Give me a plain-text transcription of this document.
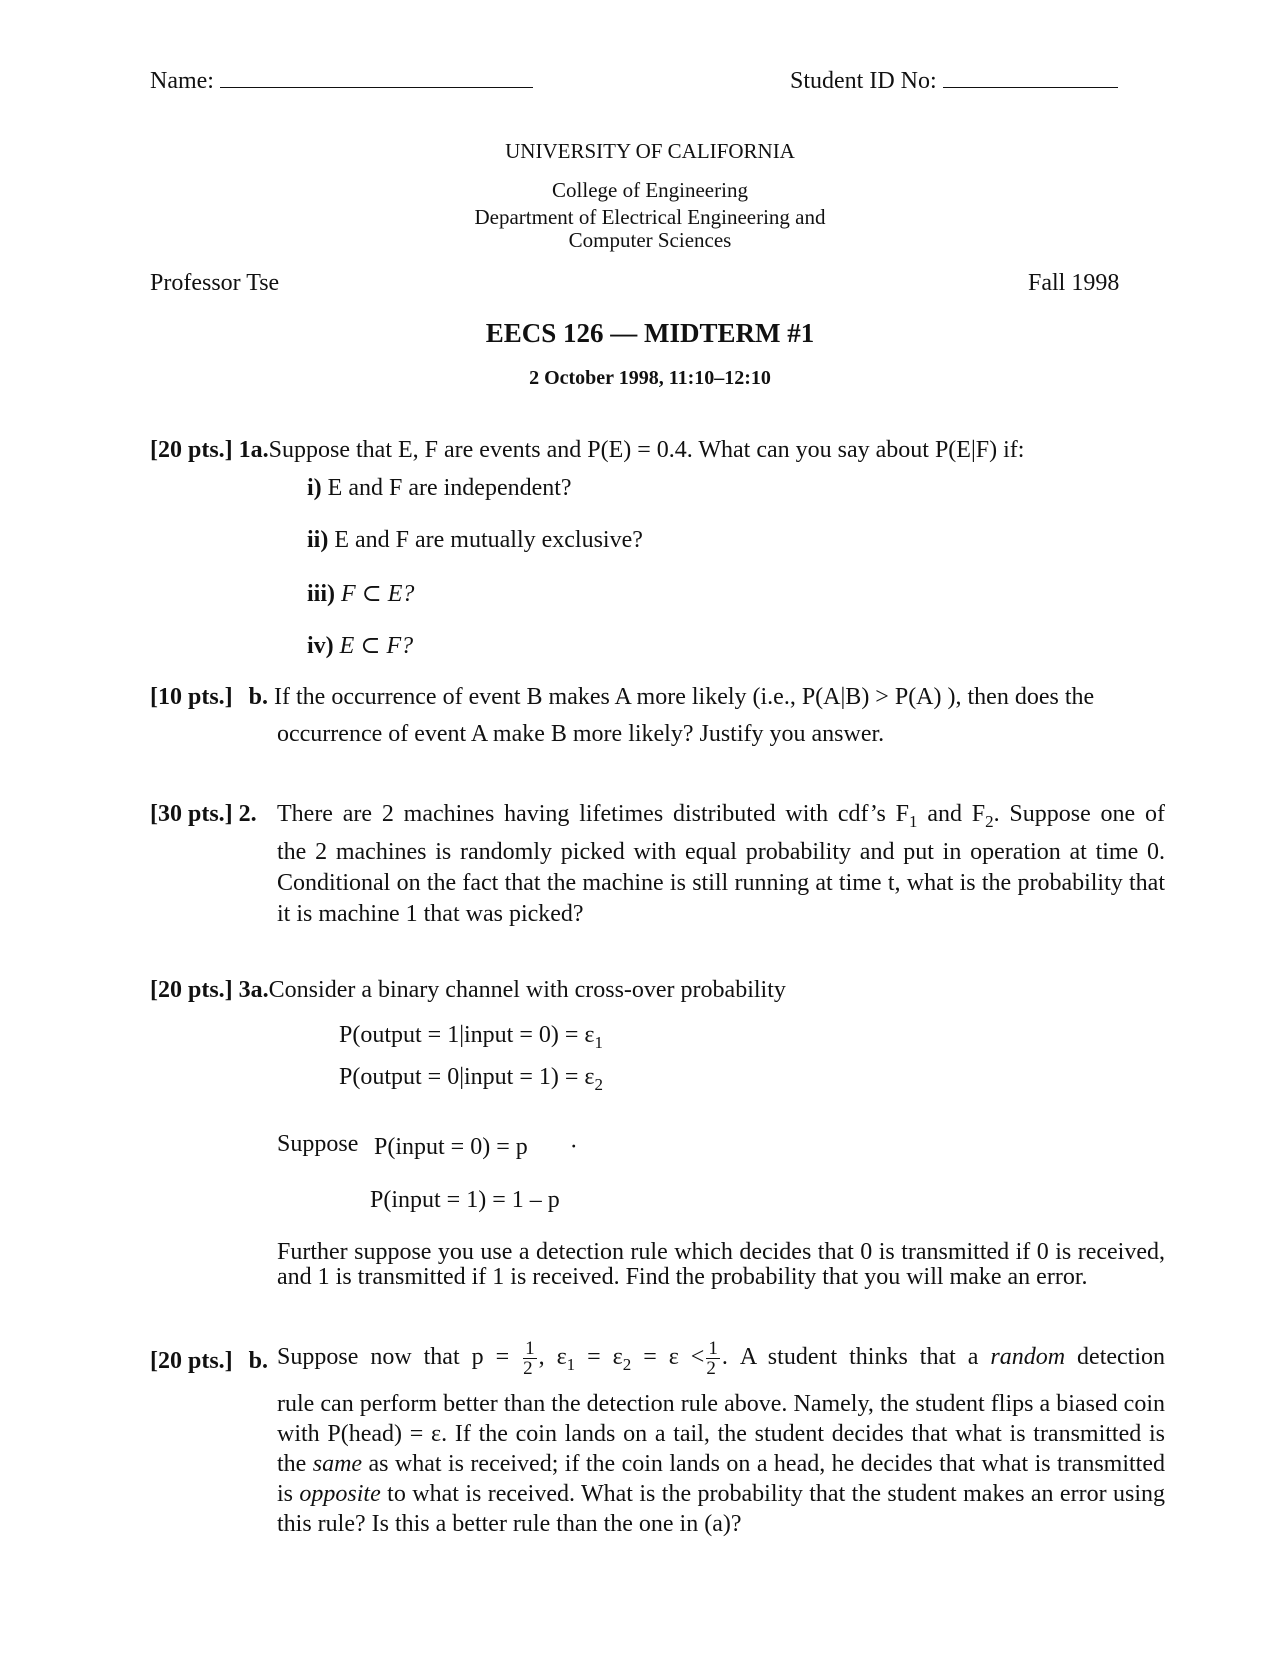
Name:	Student ID No:
UNIVERSITY OF CALIFORNIA
College of Engineering
Department of Electrical Engineering and
Computer Sciences
Professor Tse	Fall 1998
EECS 126 — MIDTERM #1
2 October 1998, 11:10–12:10
[20 pts.] 1a.Suppose that E, F are events and P(E) = 0.4. What can you say about P(E|F) if:
i) E and F are independent?
ii) E and F are mutually exclusive?
iii) F ⊂ E?
iv) E ⊂ F?
[10 pts.] b. If the occurrence of event B makes A more likely (i.e., P(A|B) > P(A) ), then does the
occurrence of event A make B more likely? Justify you answer.
[30 pts.] 2. There are 2 machines having lifetimes distributed with cdf’s $F_1$ and $F_2$. Suppose one of
the 2 machines is randomly picked with equal probability and put in operation at time 0. Conditional on the fact that the machine is still running at time t, what is the probability that it is machine 1 that was picked?
[20 pts.] 3a.Consider a binary channel with cross-over probability
P(output = 1|input = $0) = \varepsilon_1$
P(output = 0|input = $1) = \varepsilon_2$
Suppose P(input = 0) = p ·
P(input = 1) = 1 – p
Further suppose you use a detection rule which decides that 0 is transmitted if 0 is received, and 1 is transmitted if 1 is received. Find the probability that you will make an error.
[20 pts.] b. Suppose now that $p = \frac{1}{2}$ , $\varepsilon_1 = \varepsilon_2 = \varepsilon < \frac{1}{2}$ . A student thinks that a random detection
rule can perform better than the detection rule above. Namely, the student flips a biased coin with P(head) = ε. If the coin lands on a tail, the student decides that what is transmitted is the same as what is received; if the coin lands on a head, he decides that what is transmitted is opposite to what is received. What is the probability that the student makes an error using this rule? Is this a better rule than the one in (a)?
